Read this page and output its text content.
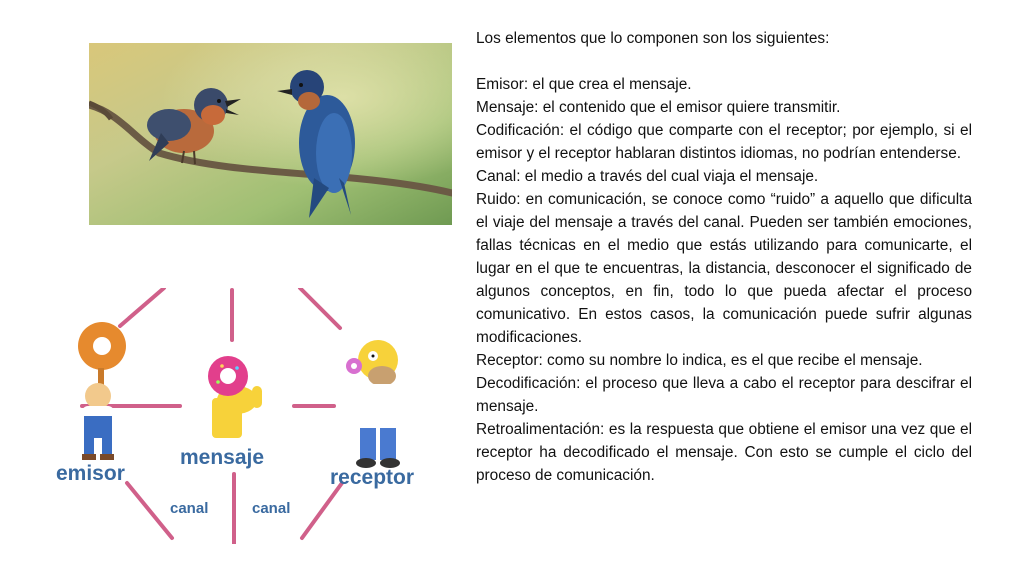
emisor
mensaje
receptor
canal	canal

Los elementos que lo componen son los siguientes:

Emisor: el que crea el mensaje.

Mensaje: el contenido que el emisor quiere transmitir.

Codificación: el código que comparte con el receptor; por ejemplo, si el emisor y el receptor hablaran distintos idiomas, no podrían entenderse.

Canal: el medio a través del cual viaja el mensaje.

Ruido: en comunicación, se conoce como “ruido” a aquello que dificulta el viaje del mensaje a través del canal. Pueden ser también emociones, fallas técnicas en el medio que estás utilizando para comunicarte, el lugar en el que te encuentras, la distancia, desconocer el significado de algunos conceptos, en fin, todo lo que pueda afectar el proceso comunicativo. En estos casos, la comunicación puede sufrir algunas modificaciones.

Receptor: como su nombre lo indica, es el que recibe el mensaje.

Decodificación: el proceso que lleva a cabo el receptor para descifrar el mensaje.

Retroalimentación: es la respuesta que obtiene el emisor una vez que el receptor ha decodificado el mensaje. Con esto se cumple el ciclo del proceso de comunicación.
